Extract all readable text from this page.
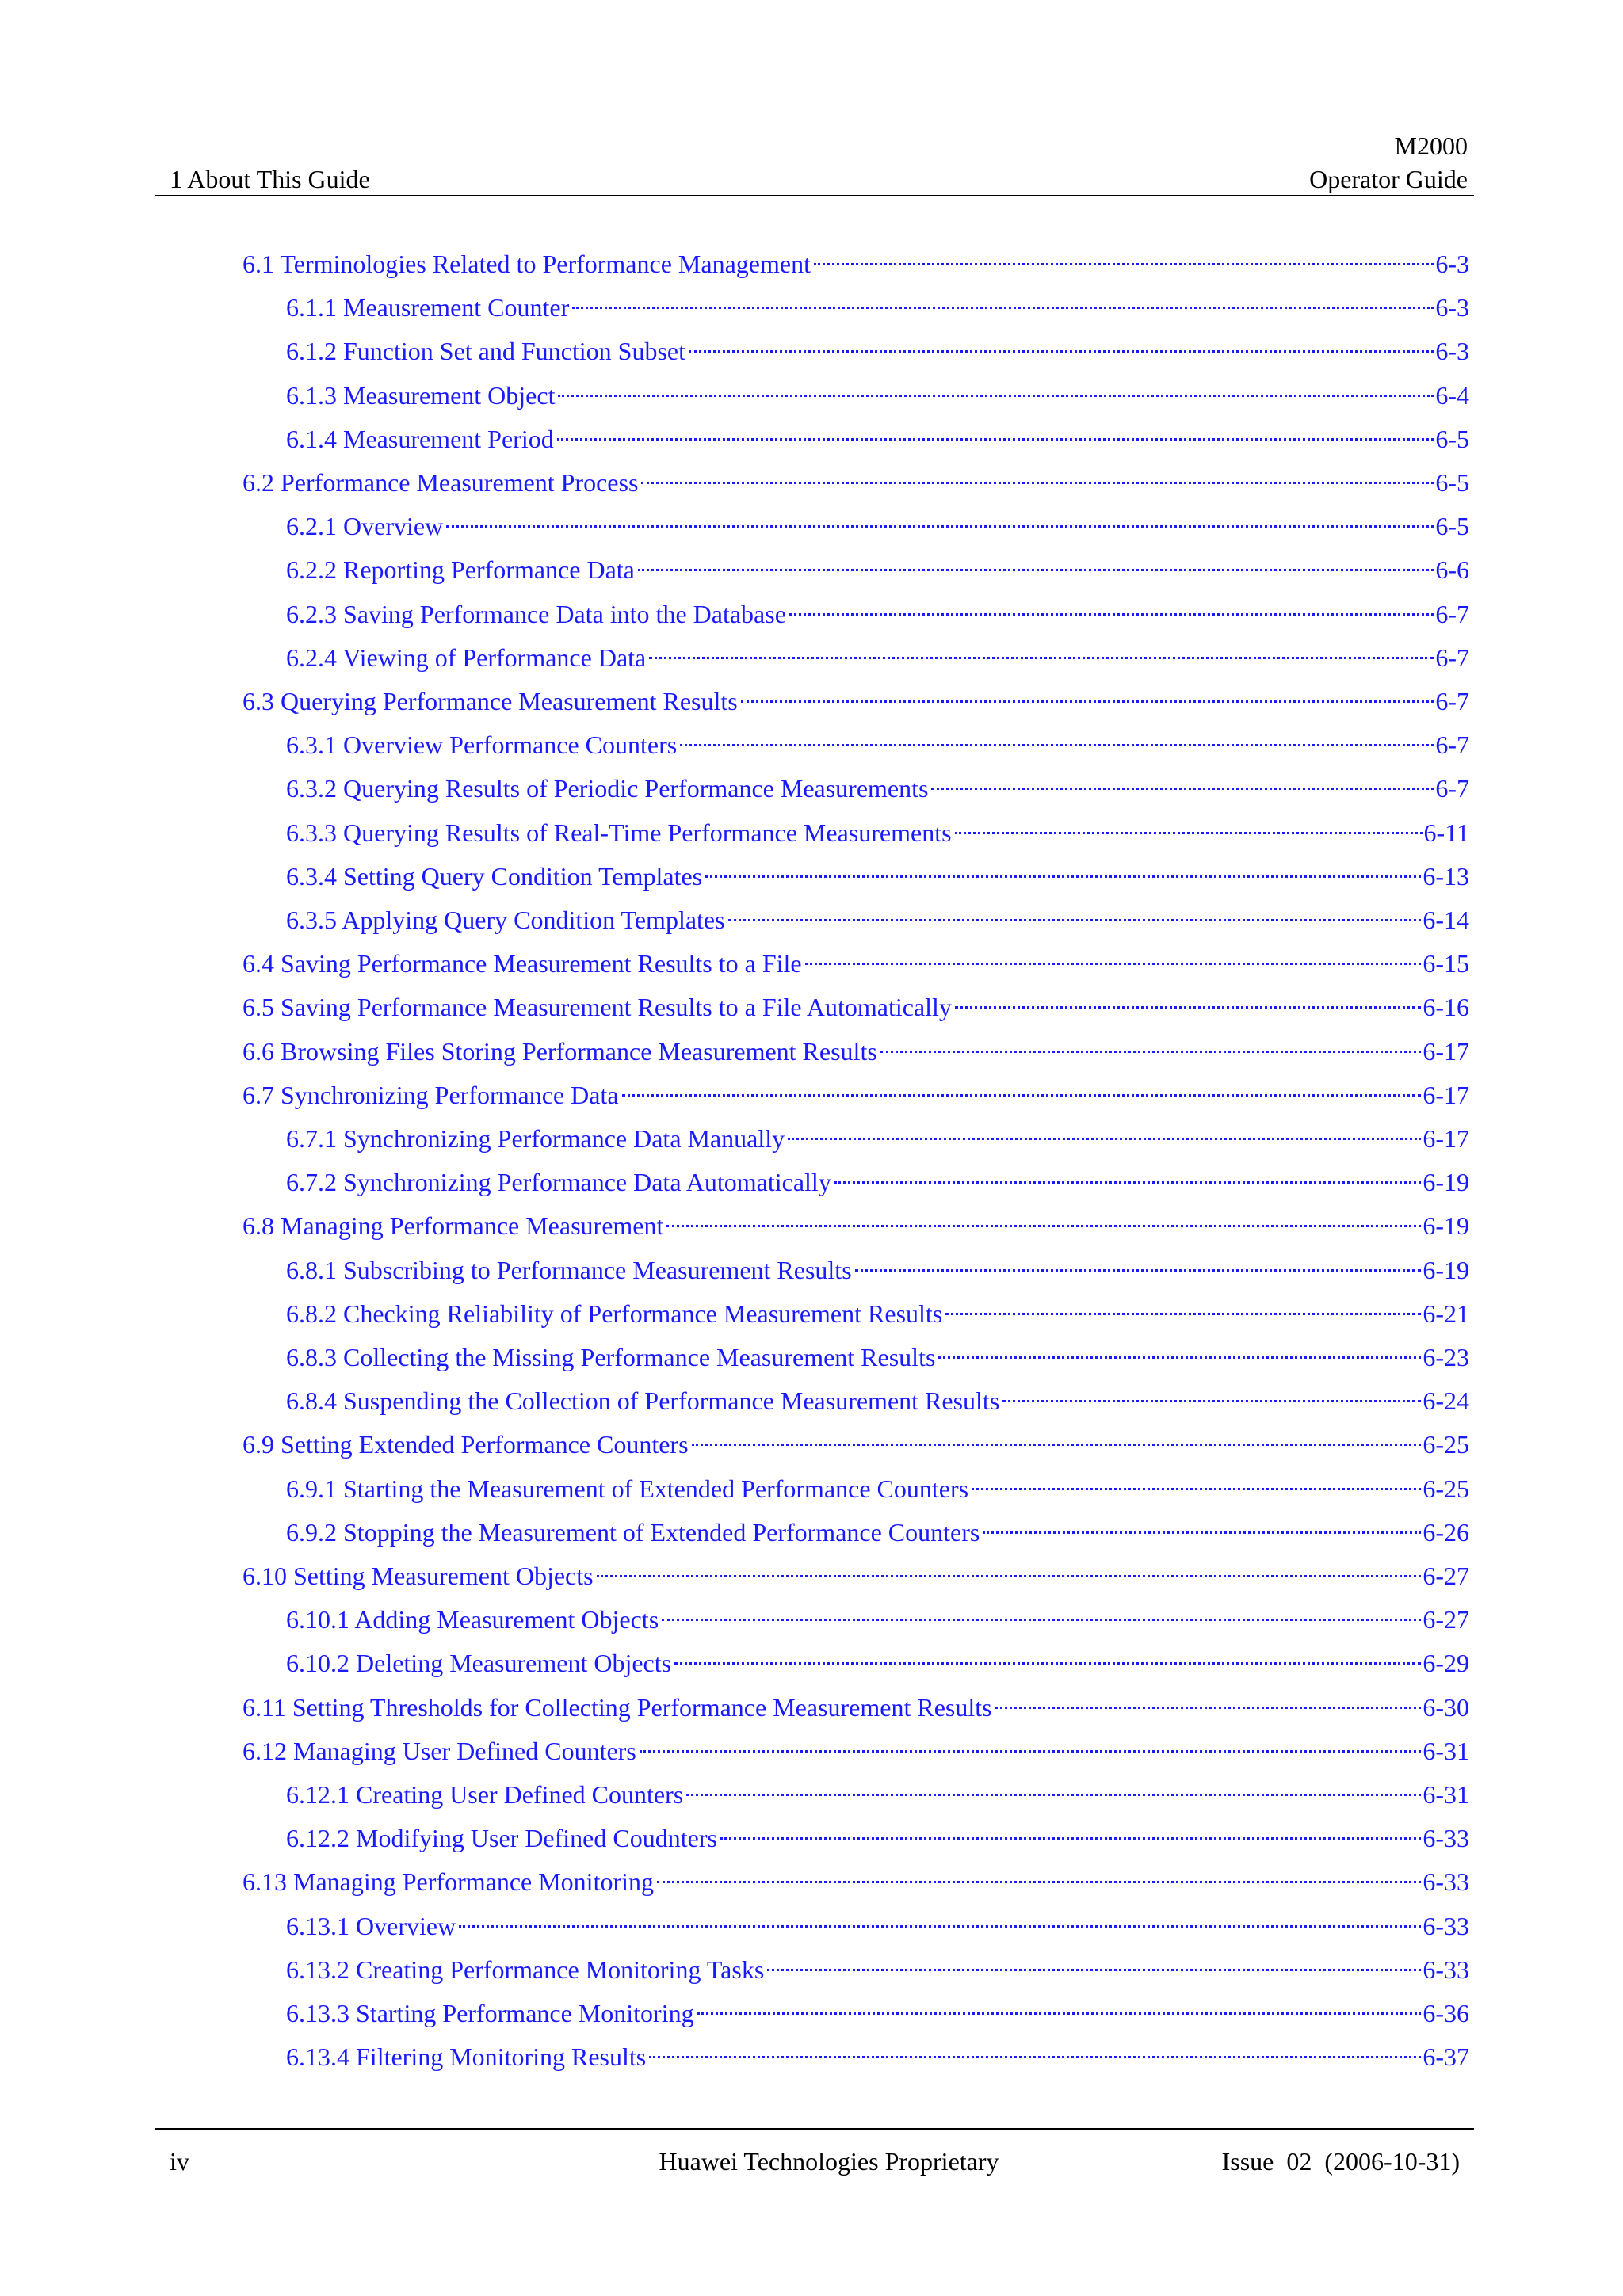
M2000
1 About This Guide	Operator Guide
6.1 Terminologies Related to Performance Management	6-3
6.1.1 Meausrement Counter	6-3
6.1.2 Function Set and Function Subset	6-3
6.1.3 Measurement Object	6-4
6.1.4 Measurement Period	6-5
6.2 Performance Measurement Process	6-5
6.2.1 Overview	6-5
6.2.2 Reporting Performance Data	6-6
6.2.3 Saving Performance Data into the Database	6-7
6.2.4 Viewing of Performance Data	6-7
6.3 Querying Performance Measurement Results	6-7
6.3.1 Overview Performance Counters	6-7
6.3.2 Querying Results of Periodic Performance Measurements	6-7
6.3.3 Querying Results of Real-Time Performance Measurements	6-11
6.3.4 Setting Query Condition Templates	6-13
6.3.5 Applying Query Condition Templates	6-14
6.4 Saving Performance Measurement Results to a File	6-15
6.5 Saving Performance Measurement Results to a File Automatically	6-16
6.6 Browsing Files Storing Performance Measurement Results	6-17
6.7 Synchronizing Performance Data	6-17
6.7.1 Synchronizing Performance Data Manually	6-17
6.7.2 Synchronizing Performance Data Automatically	6-19
6.8 Managing Performance Measurement	6-19
6.8.1 Subscribing to Performance Measurement Results	6-19
6.8.2 Checking Reliability of Performance Measurement Results	6-21
6.8.3 Collecting the Missing Performance Measurement Results	6-23
6.8.4 Suspending the Collection of Performance Measurement Results	6-24
6.9 Setting Extended Performance Counters	6-25
6.9.1 Starting the Measurement of Extended Performance Counters	6-25
6.9.2 Stopping the Measurement of Extended Performance Counters	6-26
6.10 Setting Measurement Objects	6-27
6.10.1 Adding Measurement Objects	6-27
6.10.2 Deleting Measurement Objects	6-29
6.11 Setting Thresholds for Collecting Performance Measurement Results	6-30
6.12 Managing User Defined Counters	6-31
6.12.1 Creating User Defined Counters	6-31
6.12.2 Modifying User Defined Coudnters	6-33
6.13 Managing Performance Monitoring	6-33
6.13.1 Overview	6-33
6.13.2 Creating Performance Monitoring Tasks	6-33
6.13.3 Starting Performance Monitoring	6-36
6.13.4 Filtering Monitoring Results	6-37
iv	Huawei Technologies Proprietary	Issue  02  (2006-10-31)
